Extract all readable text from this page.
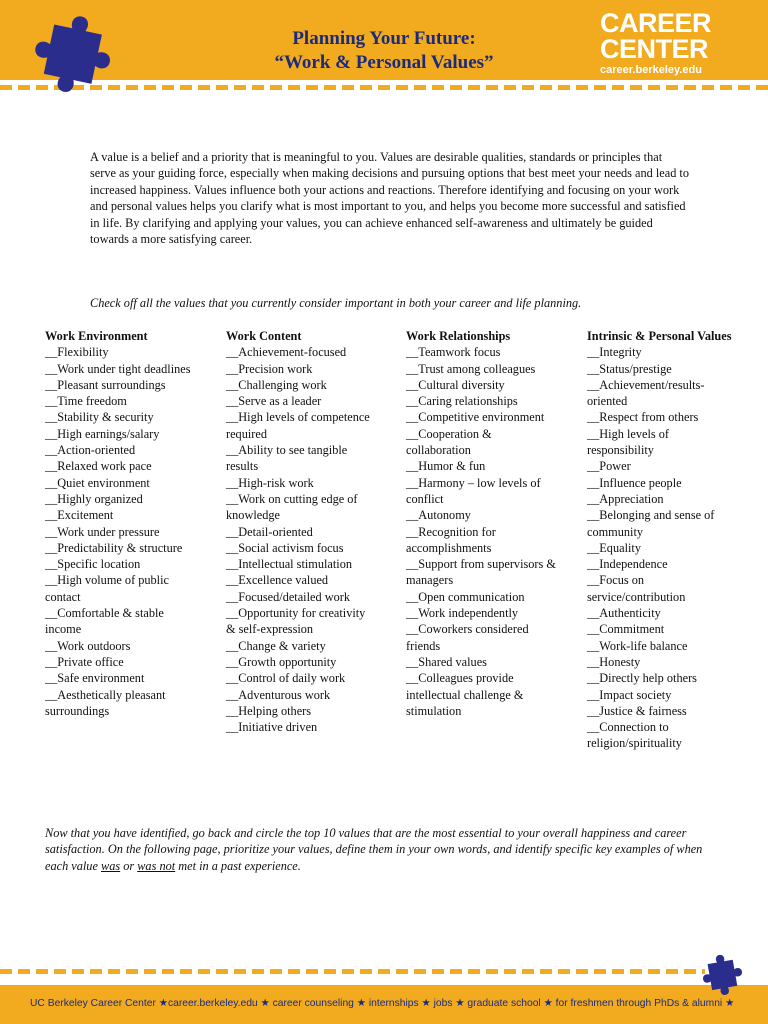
Planning Your Future:

“Work & Personal Values”

CAREER
CENTER
career.berkeley.edu

A value is a belief and a priority that is meaningful to you. Values are desirable qualities, standards or principles that serve as your guiding force, especially when making decisions and pursuing options that best meet your needs and lead to increased happiness. Values influence both your actions and reactions. Therefore identifying and focusing on your work and personal values helps you clarify what is most important to you, and helps you become more successful and satisfied in life. By clarifying and applying your values, you can achieve enhanced self-awareness and ultimately be guided towards a more satisfying career.

Check off all the values that you currently consider important in both your career and life planning.

Work Environment
__Flexibility
__Work under tight deadlines
__Pleasant surroundings
__Time freedom
__Stability & security
__High earnings/salary
__Action-oriented
__Relaxed work pace
__Quiet environment
__Highly organized
__Excitement
__Work under pressure
__Predictability & structure
__Specific location
__High volume of public contact
__Comfortable & stable income
__Work outdoors
__Private office
__Safe environment
__Aesthetically pleasant surroundings
Work Content
__Achievement-focused
__Precision work
__Challenging work
__Serve as a leader
__High levels of competence required
__Ability to see tangible results
__High-risk work
__Work on cutting edge of knowledge
__Detail-oriented
__Social activism focus
__Intellectual stimulation
__Excellence valued
__Focused/detailed work
__Opportunity for creativity & self-expression
__Change & variety
__Growth opportunity
__Control of daily work
__Adventurous work
__Helping others
__Initiative driven
Work Relationships
__Teamwork focus
__Trust among colleagues
__Cultural diversity
__Caring relationships
__Competitive environment
__Cooperation & collaboration
__Humor & fun
__Harmony – low levels of conflict
__Autonomy
__Recognition for accomplishments
__Support from supervisors & managers
__Open communication
__Work independently
__Coworkers considered friends
__Shared values
__Colleagues provide intellectual challenge & stimulation
Intrinsic & Personal Values
__Integrity
__Status/prestige
__Achievement/results-oriented
__Respect from others
__High levels of responsibility
__Power
__Influence people
__Appreciation
__Belonging and sense of community
__Equality
__Independence
__Focus on service/contribution
__Authenticity
__Commitment
__Work-life balance
__Honesty
__Directly help others
__Impact society
__Justice & fairness
__Connection to religion/spirituality

Now that you have identified, go back and circle the top 10 values that are the most essential to your overall happiness and career satisfaction. On the following page, prioritize your values, define them in your own words, and identify specific key examples of when each value was or was not met in a past experience.

UC Berkeley Career Center ★career.berkeley.edu ★ career counseling ★ internships ★ jobs ★ graduate school ★ for freshmen through PhDs & alumni ★
